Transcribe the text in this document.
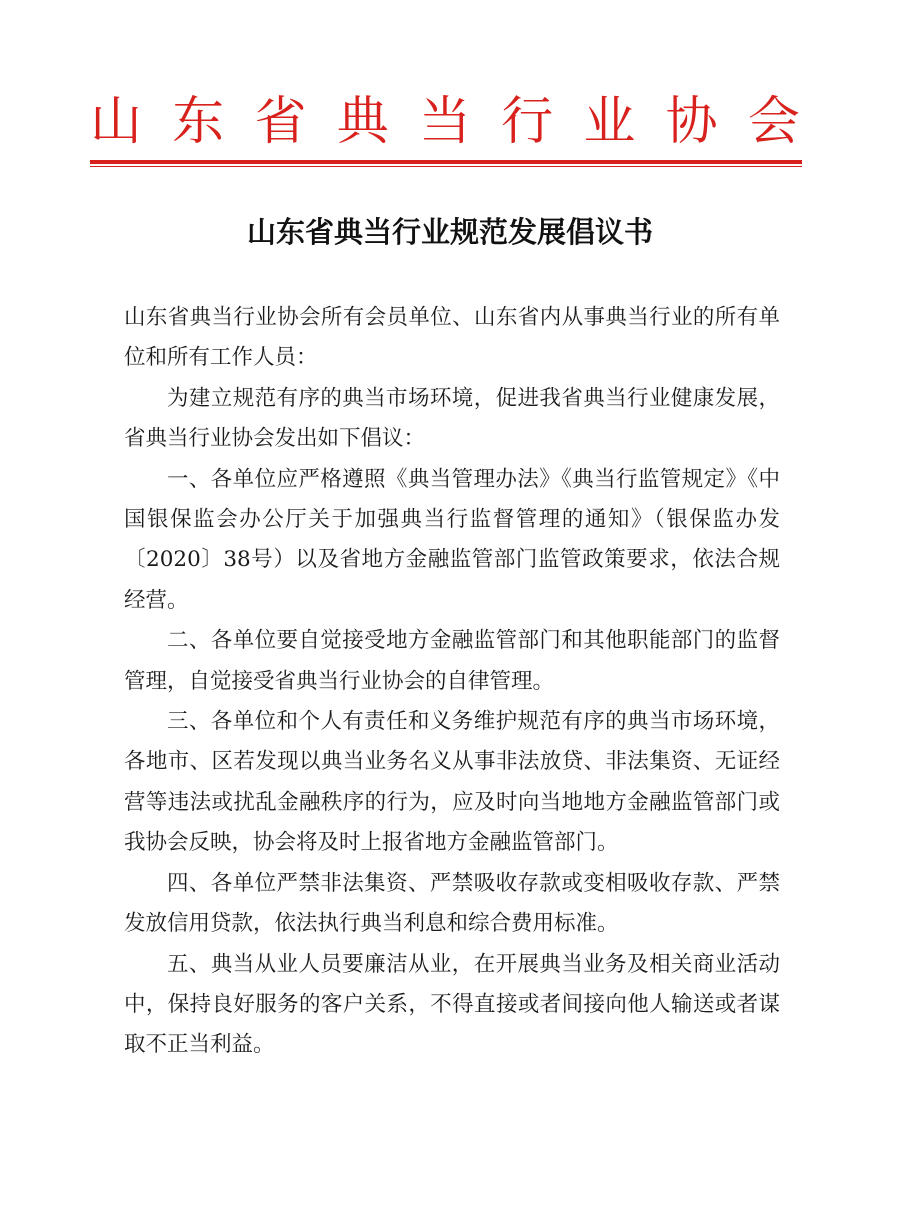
山 东 省 典 当 行 业 协 会
山东省典当行业规范发展倡议书

山东省典当行业协会所有会员单位、山东省内从事典当行业的所有单位和所有工作人员：

为建立规范有序的典当市场环境，促进我省典当行业健康发展，省典当行业协会发出如下倡议：

一、各单位应严格遵照《典当管理办法》《典当行监管规定》《中国银保监会办公厅关于加强典当行监督管理的通知》（银保监办发〔2020〕38号）以及省地方金融监管部门监管政策要求，依法合规经营。

二、各单位要自觉接受地方金融监管部门和其他职能部门的监督管理，自觉接受省典当行业协会的自律管理。

三、各单位和个人有责任和义务维护规范有序的典当市场环境，各地市、区若发现以典当业务名义从事非法放贷、非法集资、无证经营等违法或扰乱金融秩序的行为，应及时向当地地方金融监管部门或我协会反映，协会将及时上报省地方金融监管部门。

四、各单位严禁非法集资、严禁吸收存款或变相吸收存款、严禁发放信用贷款，依法执行典当利息和综合费用标准。

五、典当从业人员要廉洁从业，在开展典当业务及相关商业活动中，保持良好服务的客户关系，不得直接或者间接向他人输送或者谋取不正当利益。
